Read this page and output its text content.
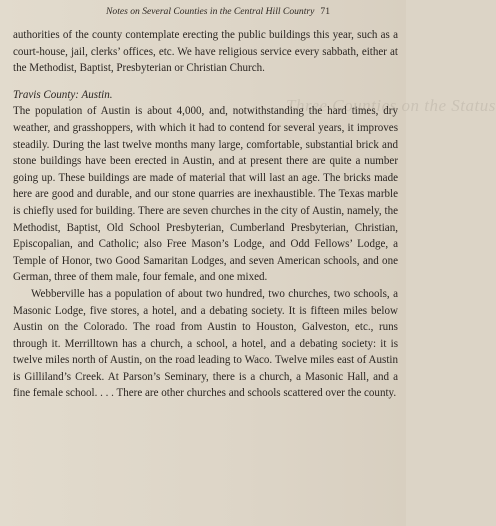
Three Counties on the Status
Notes on Several Counties in the Central Hill Country 71

authorities of the county contemplate erecting the public buildings this year, such as a court-house, jail, clerks’ offices, etc. We have religious service every sabbath, either at the Methodist, Baptist, Presbyterian or Christian Church.

Travis County: Austin.

The population of Austin is about 4,000, and, notwithstanding the hard times, dry weather, and grasshoppers, with which it had to contend for several years, it improves steadily. During the last twelve months many large, comfortable, substantial brick and stone buildings have been erected in Austin, and at present there are quite a number going up. These buildings are made of material that will last an age. The bricks made here are good and durable, and our stone quarries are inexhaustible. The Texas marble is chiefly used for building. There are seven churches in the city of Austin, namely, the Methodist, Baptist, Old School Presbyterian, Cumberland Presbyterian, Christian, Episcopalian, and Catholic; also Free Mason’s Lodge, and Odd Fellows’ Lodge, a Temple of Honor, two Good Samaritan Lodges, and seven American schools, and one German, three of them male, four female, and one mixed.

Webberville has a population of about two hundred, two churches, two schools, a Masonic Lodge, five stores, a hotel, and a debating society. It is fifteen miles below Austin on the Colorado. The road from Austin to Houston, Galveston, etc., runs through it. Merrilltown has a church, a school, a hotel, and a debating society: it is twelve miles north of Austin, on the road leading to Waco. Twelve miles east of Austin is Gilliland’s Creek. At Parson’s Seminary, there is a church, a Masonic Hall, and a fine female school. . . . There are other churches and schools scattered over the county.
